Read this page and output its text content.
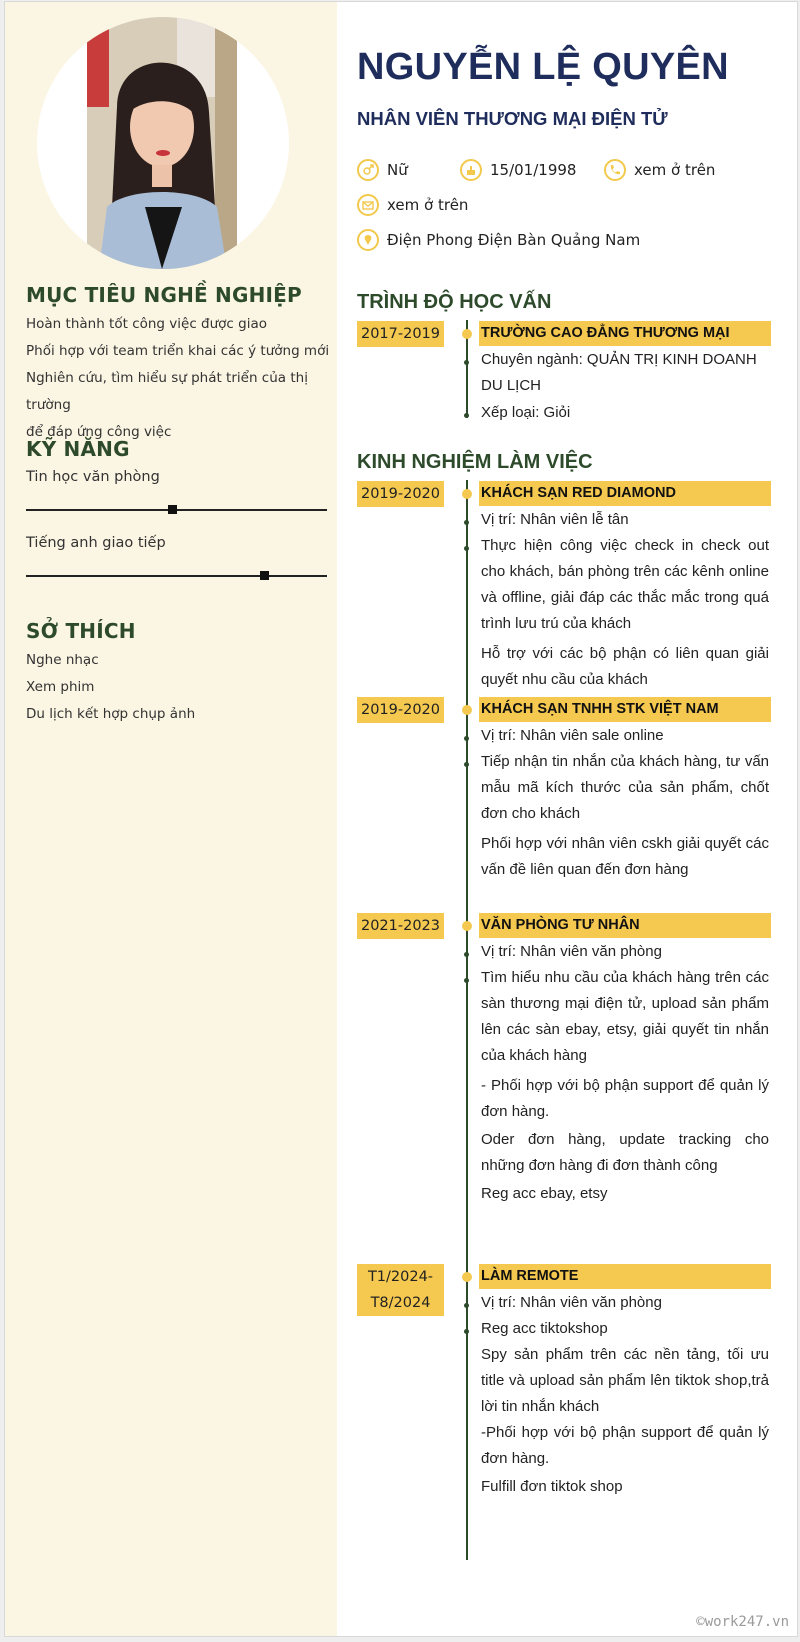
MỤC TIÊU NGHỀ NGHIỆP

Hoàn thành tốt công việc được giao

Phối hợp với team triển khai các ý tưởng mới

Nghiên cứu, tìm hiểu sự phát triển của thị trường

để đáp ứng công việc

KỸ NĂNG
Tin học văn phòng
Tiếng anh giao tiếp
SỞ THÍCH

Nghe nhạc

Xem phim

Du lịch kết hợp chụp ảnh

NGUYỄN LỆ QUYÊN
NHÂN VIÊN THƯƠNG MẠI ĐIỆN TỬ
Nữ	15/01/1998	xem ở trên
xem ở trên
Điện Phong Điện Bàn Quảng Nam
TRÌNH ĐỘ HỌC VẤN
2017-2019	TRƯỜNG CAO ĐẲNG THƯƠNG MẠI

Chuyên ngành: QUẢN TRỊ KINH DOANH DU LỊCH

Xếp loại: Giỏi

KINH NGHIỆM LÀM VIỆC
2019-2020	KHÁCH SẠN RED DIAMOND

Vị trí: Nhân viên lễ tân

Thực hiện công việc check in check out cho khách, bán phòng trên các kênh online và offline, giải đáp các thắc mắc trong quá trình lưu trú của khách

Hỗ trợ với các bộ phận có liên quan giải quyết nhu cầu của khách

2019-2020	KHÁCH SẠN TNHH STK VIỆT NAM

Vị trí: Nhân viên sale online

Tiếp nhận tin nhắn của khách hàng, tư vấn mẫu mã kích thước của sản phẩm, chốt đơn cho khách

Phối hợp với nhân viên cskh giải quyết các vấn đề liên quan đến đơn hàng

2021-2023	VĂN PHÒNG TƯ NHÂN

Vị trí: Nhân viên văn phòng

Tìm hiểu nhu cầu của khách hàng trên các sàn thương mại điện tử, upload sản phẩm lên các sàn ebay, etsy, giải quyết tin nhắn của khách hàng

- Phối hợp với bộ phận support để quản lý đơn hàng.

Oder đơn hàng, update tracking cho những đơn hàng đi đơn thành công

Reg acc ebay, etsy

T1/2024-
T8/2024
LÀM REMOTE

Vị trí: Nhân viên văn phòng

Reg acc tiktokshop

Spy sản phẩm trên các nền tảng, tối ưu title và upload sản phẩm lên tiktok shop,trả lời tin nhắn khách

-Phối hợp với bộ phận support để quản lý đơn hàng.

Fulfill đơn tiktok shop

©work247.vn
